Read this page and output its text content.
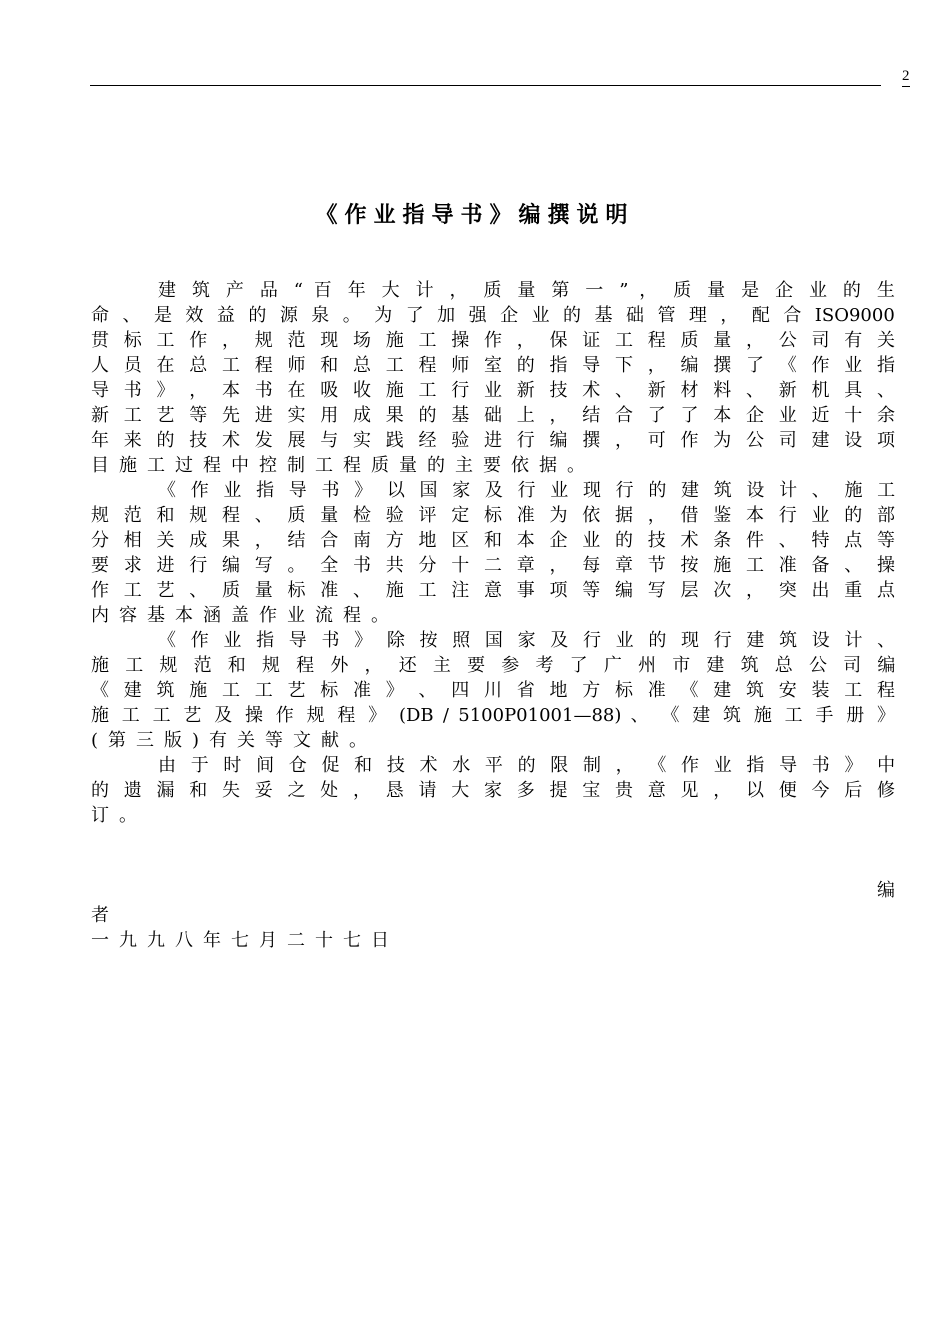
2
《作业指导书》编撰说明
建 筑 产 品 “ 百 年 大 计 ， 质 量 第 一 ” ， 质 量 是 企 业 的 生
命 、 是 效 益 的 源 泉 。 为 了 加 强 企 业 的 基 础 管 理 ， 配 合 ISO9000
贯 标 工 作 ， 规 范 现 场 施 工 操 作 ， 保 证 工 程 质 量 ， 公 司 有 关
人 员 在 总 工 程 师 和 总 工 程 师 室 的 指 导 下 ， 编 撰 了 《 作 业 指
导 书 》 ， 本 书 在 吸 收 施 工 行 业 新 技 术 、 新 材 料 、 新 机 具 、
新 工 艺 等 先 进 实 用 成 果 的 基 础 上 ， 结 合 了 了 本 企 业 近 十 余
年 来 的 技 术 发 展 与 实 践 经 验 进 行 编 撰 ， 可 作 为 公 司 建 设 项
目施工过程中控制工程质量的主要依据。
《 作 业 指 导 书 》 以 国 家 及 行 业 现 行 的 建 筑 设 计 、 施 工
规 范 和 规 程 、 质 量 检 验 评 定 标 准 为 依 据 ， 借 鉴 本 行 业 的 部
分 相 关 成 果 ， 结 合 南 方 地 区 和 本 企 业 的 技 术 条 件 、 特 点 等
要 求 进 行 编 写 。 全 书 共 分 十 二 章 ， 每 章 节 按 施 工 准 备 、 操
作 工 艺 、 质 量 标 准 、 施 工 注 意 事 项 等 编 写 层 次 ， 突 出 重 点
内容基本涵盖作业流程。
《 作 业 指 导 书 》 除 按 照 国 家 及 行 业 的 现 行 建 筑 设 计 、
施 工 规 范 和 规 程 外 ， 还 主 要 参 考 了 广 州 市 建 筑 总 公 司 编
《 建 筑 施 工 工 艺 标 准 》 、 四 川 省 地 方 标 准 《 建 筑 安 装 工 程
施 工 工 艺 及 操 作 规 程 》 (DB / 5100P01001—88) 、 《 建 筑 施 工 手 册 》
(第三版)有关等文献。
由 于 时 间 仓 促 和 技 术 水 平 的 限 制 ， 《 作 业 指 导 书 》 中
的 遗 漏 和 失 妥 之 处 ， 恳 请 大 家 多 提 宝 贵 意 见 ， 以 便 今 后 修
订。
编
者
一九九八年七月二十七日
